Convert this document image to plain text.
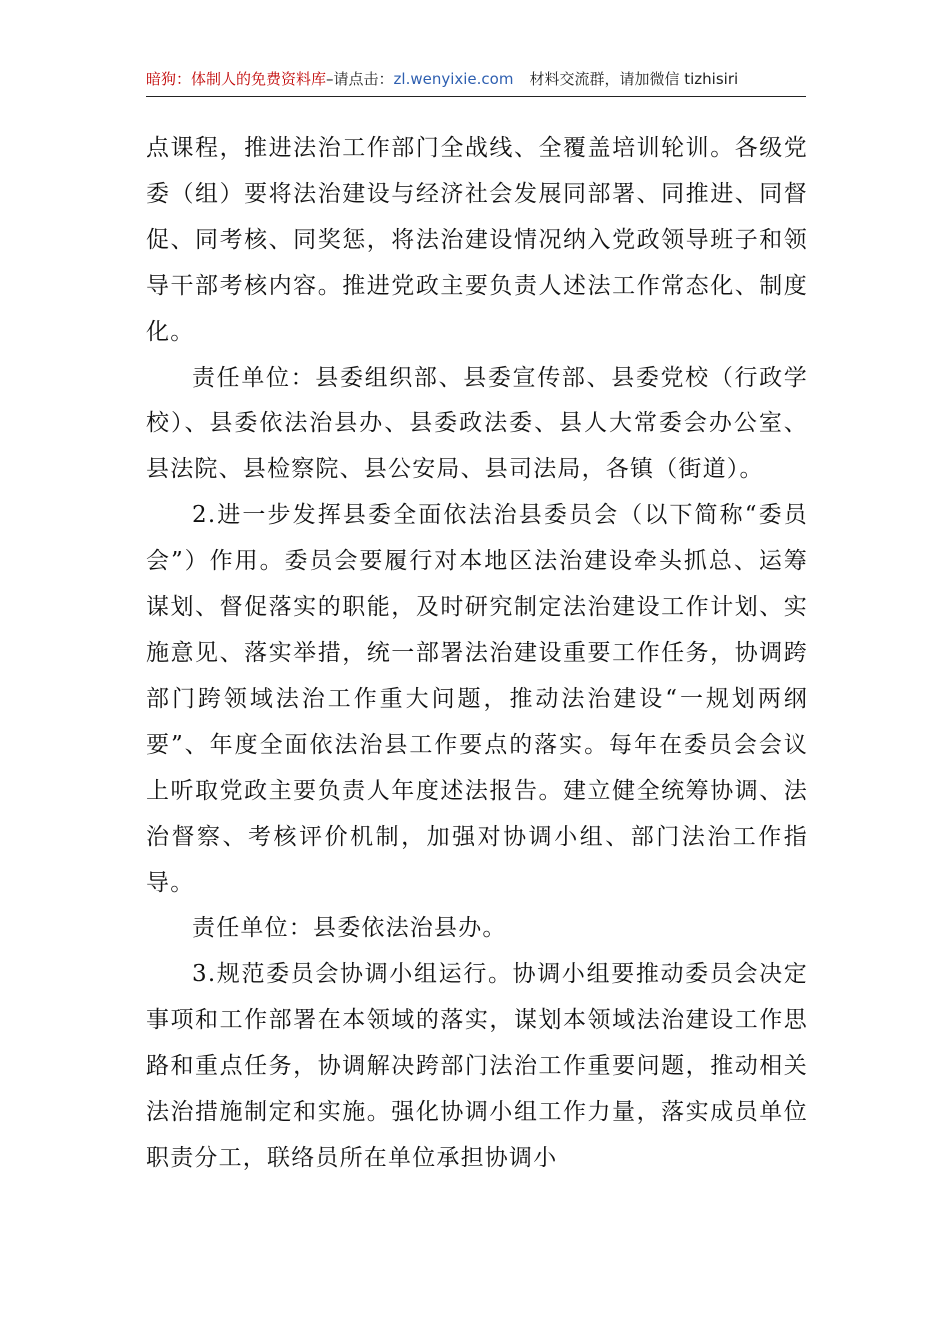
暗狗：体制人的免费资料库–请点击：zl.wenyixie.com 材料交流群，请加微信 tizhisiri

点课程，推进法治工作部门全战线、全覆盖培训轮训。各级党委（组）要将法治建设与经济社会发展同部署、同推进、同督促、同考核、同奖惩，将法治建设情况纳入党政领导班子和领导干部考核内容。推进党政主要负责人述法工作常态化、制度化。

责任单位：县委组织部、县委宣传部、县委党校（行政学校）、县委依法治县办、县委政法委、县人大常委会办公室、县法院、县检察院、县公安局、县司法局，各镇（街道）。

2.进一步发挥县委全面依法治县委员会（以下简称“委员会”）作用。委员会要履行对本地区法治建设牵头抓总、运筹谋划、督促落实的职能，及时研究制定法治建设工作计划、实施意见、落实举措，统一部署法治建设重要工作任务，协调跨部门跨领域法治工作重大问题，推动法治建设“一规划两纲要”、年度全面依法治县工作要点的落实。每年在委员会会议上听取党政主要负责人年度述法报告。建立健全统筹协调、法治督察、考核评价机制，加强对协调小组、部门法治工作指导。

责任单位：县委依法治县办。

3.规范委员会协调小组运行。协调小组要推动委员会决定事项和工作部署在本领域的落实，谋划本领域法治建设工作思路和重点任务，协调解决跨部门法治工作重要问题，推动相关法治措施制定和实施。强化协调小组工作力量，落实成员单位职责分工，联络员所在单位承担协调小
